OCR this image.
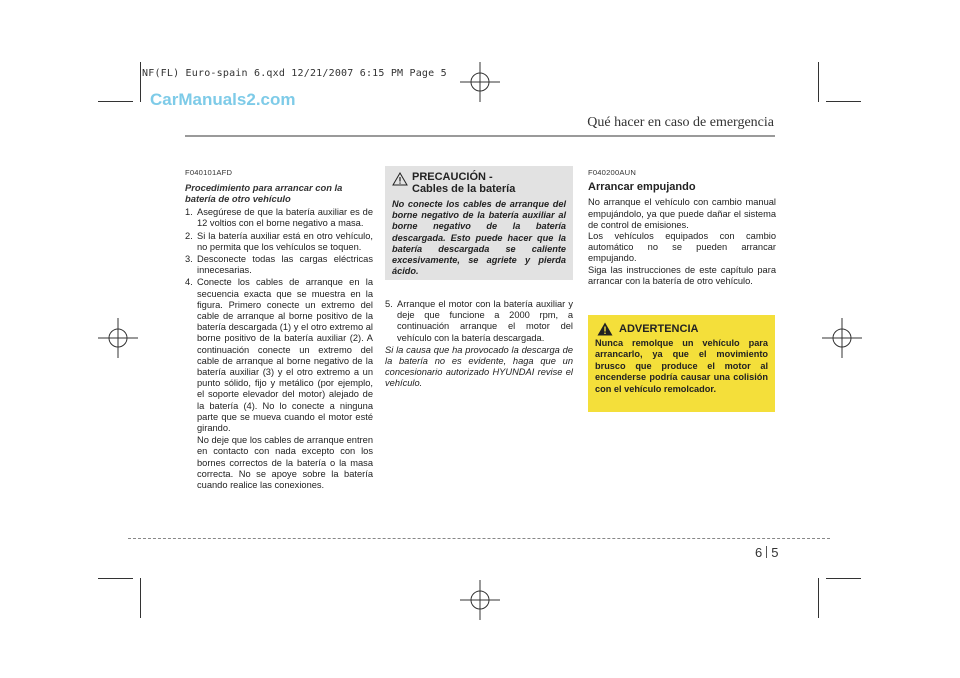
NF(FL) Euro-spain 6.qxd 12/21/2007 6:15 PM Page 5
CarManuals2.com
Qué hacer en caso de emergencia
F040101AFD
Procedimiento para arrancar con la batería de otro vehículo
1. Asegúrese de que la batería auxiliar es de 12 voltios con el borne negativo a masa.
2. Si la batería auxiliar está en otro vehículo, no permita que los vehículos se toquen.
3. Desconecte todas las cargas eléctricas innecesarias.
4. Conecte los cables de arranque en la secuencia exacta que se muestra en la figura. Primero conecte un extremo del cable de arranque al borne positivo de la batería descargada (1) y el otro extremo al borne positivo de la batería auxiliar (2). A continuación conecte un extremo del cable de arranque al borne negativo de la batería auxiliar (3) y el otro extremo a un punto sólido, fijo y metálico (por ejemplo, el soporte elevador del motor) alejado de la batería (4). No lo conecte a ninguna parte que se mueva cuando el motor esté girando.
No deje que los cables de arranque entren en contacto con nada excepto con los bornes correctos de la batería o la masa correcta. No se apoye sobre la batería cuando realice las conexiones.
PRECAUCIÓN -
Cables de la batería
No conecte los cables de arranque del borne negativo de la batería auxiliar al borne negativo de la batería descargada. Esto puede hacer que la batería descargada se caliente excesivamente, se agriete y pierda ácido.
5. Arranque el motor con la batería auxiliar y deje que funcione a 2000 rpm, a continuación arranque el motor del vehículo con la batería descargada.
Si la causa que ha provocado la descarga de la batería no es evidente, haga que un concesionario autorizado HYUNDAI revise el vehículo.
F040200AUN
Arrancar empujando

No arranque el vehículo con cambio manual empujándolo, ya que puede dañar el sistema de control de emisiones.

Los vehículos equipados con cambio automático no se pueden arrancar empujando.

Siga las instrucciones de este capítulo para arrancar con la batería de otro vehículo.

ADVERTENCIA
Nunca remolque un vehículo para arrancarlo, ya que el movimiento brusco que produce el motor al encenderse podría causar una colisión con el vehículo remolcador.
6 5
